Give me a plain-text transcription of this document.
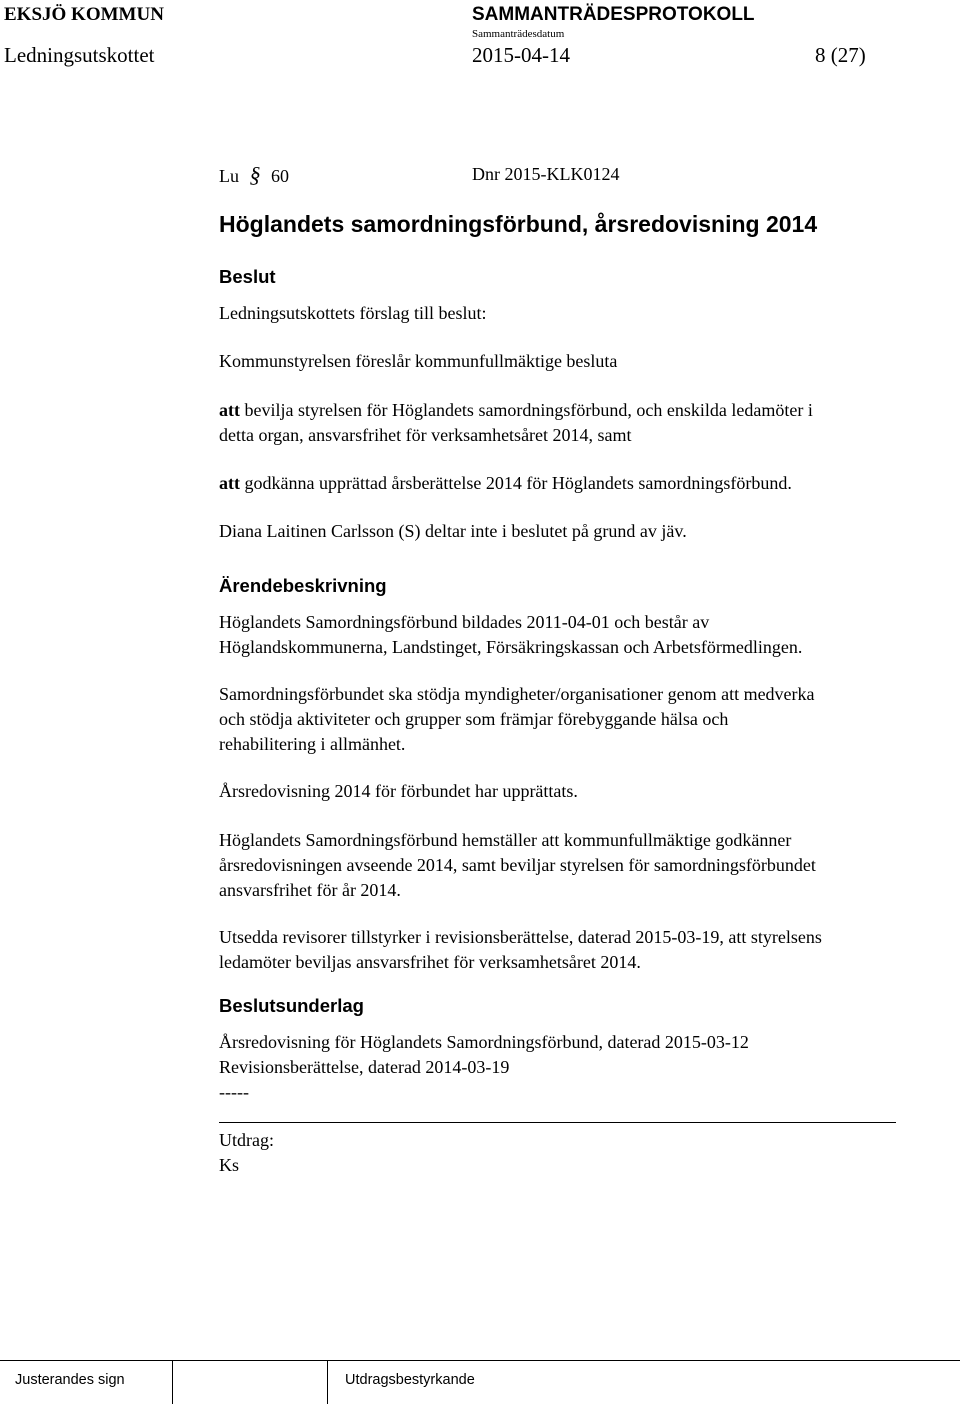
EKSJÖ KOMMUN	SAMMANTRÄDESPROTOKOLL
Sammanträdesdatum
Ledningsutskottet	2015-04-14	8 (27)
Lu § 60	Dnr 2015-KLK0124
Höglandets samordningsförbund, årsredovisning 2014
Beslut
Ledningsutskottets förslag till beslut:
Kommunstyrelsen föreslår kommunfullmäktige besluta
att bevilja styrelsen för Höglandets samordningsförbund, och enskilda ledamöter i
detta organ, ansvarsfrihet för verksamhetsåret 2014, samt
att godkänna upprättad årsberättelse 2014 för Höglandets samordningsförbund.
Diana Laitinen Carlsson (S) deltar inte i beslutet på grund av jäv.
Ärendebeskrivning
Höglandets Samordningsförbund bildades 2011-04-01 och består av
Höglandskommunerna, Landstinget, Försäkringskassan och Arbetsförmedlingen.
Samordningsförbundet ska stödja myndigheter/organisationer genom att medverka
och stödja aktiviteter och grupper som främjar förebyggande hälsa och
rehabilitering i allmänhet.
Årsredovisning 2014 för förbundet har upprättats.
Höglandets Samordningsförbund hemställer att kommunfullmäktige godkänner
årsredovisningen avseende 2014, samt beviljar styrelsen för samordningsförbundet
ansvarsfrihet för år 2014.
Utsedda revisorer tillstyrker i revisionsberättelse, daterad 2015-03-19, att styrelsens
ledamöter beviljas ansvarsfrihet för verksamhetsåret 2014.
Beslutsunderlag
Årsredovisning för Höglandets Samordningsförbund, daterad 2015-03-12
Revisionsberättelse, daterad 2014-03-19
-----
Utdrag:
Ks
Justerandes sign	Utdragsbestyrkande
